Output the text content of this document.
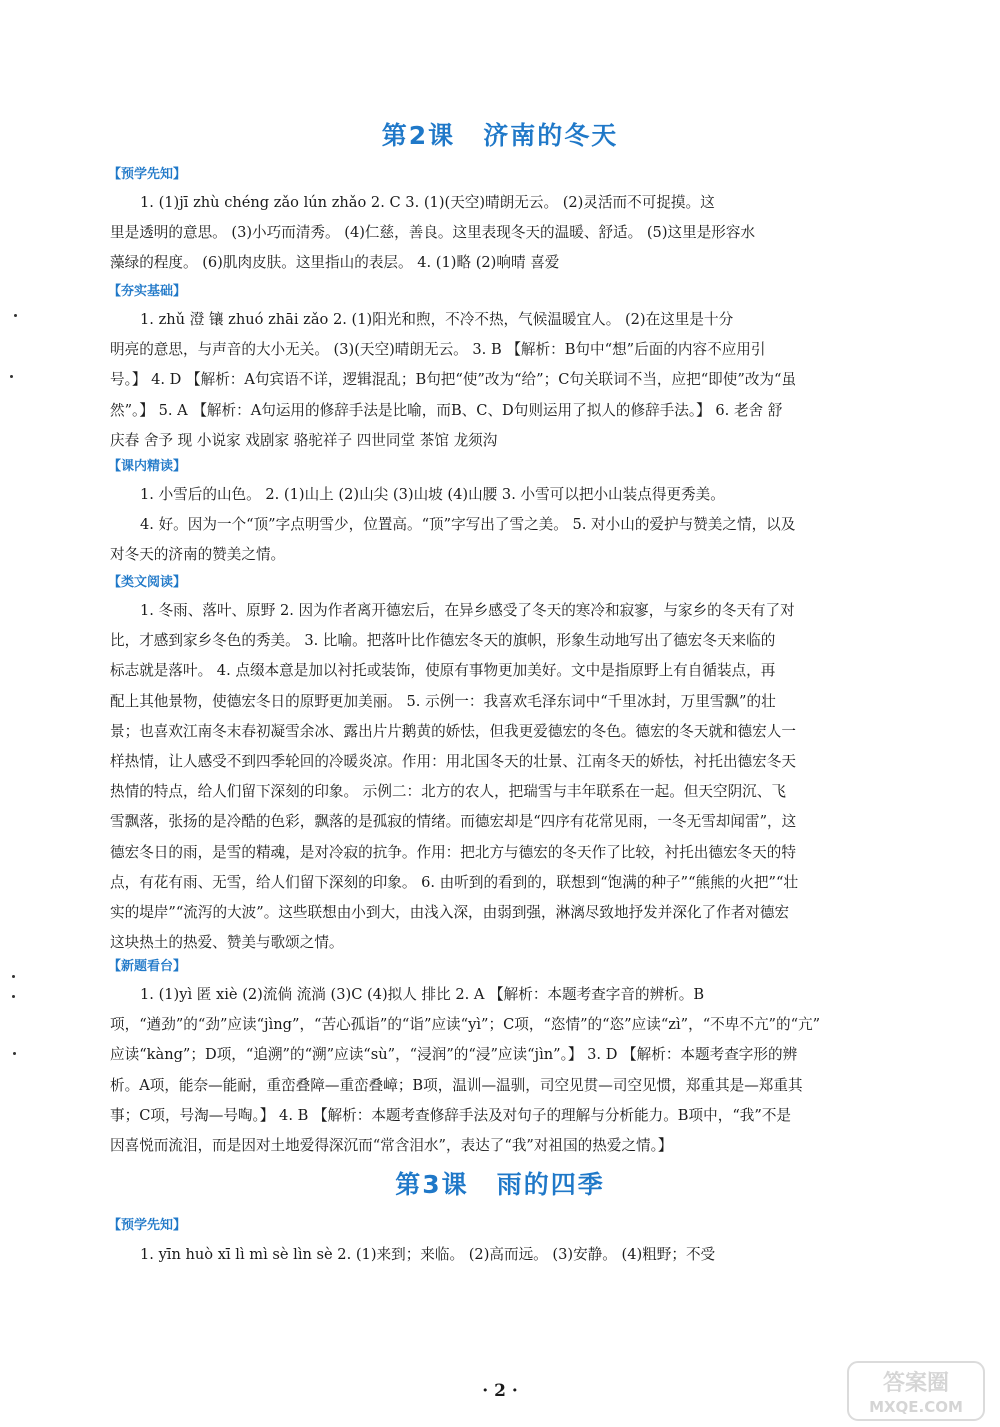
第2课 济南的冬天
【预学先知】
1. (1)jī zhù chéng zǎo lún zhǎo 2. C 3. (1)(天空)晴朗无云。 (2)灵活而不可捉摸。这
里是透明的意思。 (3)小巧而清秀。 (4)仁慈，善良。这里表现冬天的温暖、舒适。 (5)这里是形容水
藻绿的程度。 (6)肌肉皮肤。这里指山的表层。 4. (1)略 (2)响晴 喜爱
【夯实基础】
1. zhǔ 澄 镶 zhuó zhāi zǎo 2. (1)阳光和煦，不冷不热，气候温暖宜人。 (2)在这里是十分
明亮的意思，与声音的大小无关。 (3)(天空)晴朗无云。 3. B 【解析：B句中“想”后面的内容不应用引
号。】 4. D 【解析：A句宾语不详，逻辑混乱；B句把“使”改为“给”；C句关联词不当，应把“即使”改为“虽
然”。】 5. A 【解析：A句运用的修辞手法是比喻，而B、C、D句则运用了拟人的修辞手法。】 6. 老舍 舒
庆春 舍予 现 小说家 戏剧家 骆驼祥子 四世同堂 茶馆 龙须沟
【课内精读】
1. 小雪后的山色。 2. (1)山上 (2)山尖 (3)山坡 (4)山腰 3. 小雪可以把小山装点得更秀美。
4. 好。因为一个“顶”字点明雪少，位置高。“顶”字写出了雪之美。 5. 对小山的爱护与赞美之情，以及
对冬天的济南的赞美之情。
【类文阅读】
1. 冬雨、落叶、原野 2. 因为作者离开德宏后，在异乡感受了冬天的寒冷和寂寥，与家乡的冬天有了对
比，才感到家乡冬色的秀美。 3. 比喻。把落叶比作德宏冬天的旗帜，形象生动地写出了德宏冬天来临的
标志就是落叶。 4. 点缀本意是加以衬托或装饰，使原有事物更加美好。文中是指原野上有自循装点，再
配上其他景物，使德宏冬日的原野更加美丽。 5. 示例一：我喜欢毛泽东词中“千里冰封，万里雪飘”的壮
景；也喜欢江南冬末春初凝雪余冰、露出片片鹅黄的娇怯，但我更爱德宏的冬色。德宏的冬天就和德宏人一
样热情，让人感受不到四季轮回的冷暖炎凉。作用：用北国冬天的壮景、江南冬天的娇怯，衬托出德宏冬天
热情的特点，给人们留下深刻的印象。 示例二：北方的农人，把瑞雪与丰年联系在一起。但天空阴沉、飞
雪飘落，张扬的是冷酷的色彩，飘落的是孤寂的情绪。而德宏却是“四序有花常见雨，一冬无雪却闻雷”，这
德宏冬日的雨，是雪的精魂，是对冷寂的抗争。作用：把北方与德宏的冬天作了比较，衬托出德宏冬天的特
点，有花有雨、无雪，给人们留下深刻的印象。 6. 由听到的看到的，联想到“饱满的种子”“熊熊的火把”“壮
实的堤岸”“流泻的大波”。这些联想由小到大，由浅入深，由弱到强，淋漓尽致地抒发并深化了作者对德宏
这块热土的热爱、赞美与歌颂之情。
【新题看台】
1. (1)yì 匿 xiè (2)流倘 流淌 (3)C (4)拟人 排比 2. A 【解析：本题考查字音的辨析。B
项，“遒劲”的“劲”应读“jìng”，“苦心孤诣”的“诣”应读“yì”；C项，“恣情”的“恣”应读“zì”，“不卑不亢”的“亢”
应读“kàng”；D项，“追溯”的“溯”应读“sù”，“浸润”的“浸”应读“jìn”。】 3. D 【解析：本题考查字形的辨
析。A项，能奈—能耐，重峦叠障—重峦叠嶂；B项，温训—温驯，司空见贯—司空见惯，郑重其是—郑重其
事；C项，号淘—号啕。】 4. B 【解析：本题考查修辞手法及对句子的理解与分析能力。B项中，“我”不是
因喜悦而流泪，而是因对土地爱得深沉而“常含泪水”，表达了“我”对祖国的热爱之情。】
第3课 雨的四季
【预学先知】
1. yīn huò xī lì mì sè lìn sè 2. (1)来到；来临。 (2)高而远。 (3)安静。 (4)粗野；不受
· 2 ·	答案圈
MXQE.COM
